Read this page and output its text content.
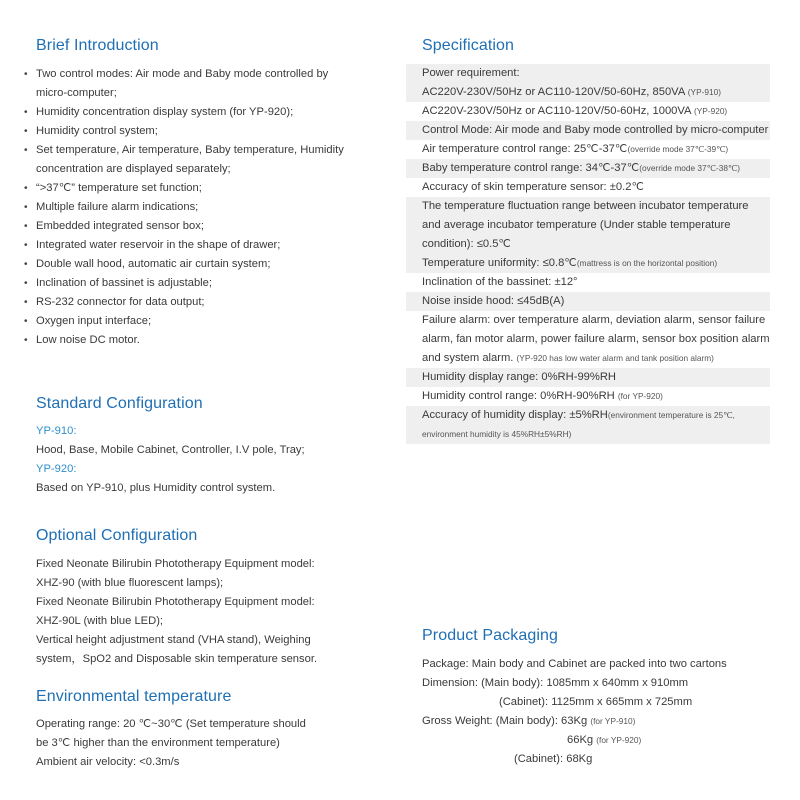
Brief Introduction
• Two control modes: Air mode and Baby mode controlled by micro-computer;
• Humidity concentration display system (for YP-920);
• Humidity control system;
• Set temperature, Air temperature, Baby temperature, Humidity concentration are displayed separately;
• “>37℃” temperature set function;
• Multiple failure alarm indications;
• Embedded integrated sensor box;
• Integrated water reservoir in the shape of drawer;
• Double wall hood, automatic air curtain system;
• Inclination of bassinet is adjustable;
• RS-232 connector for data output;
• Oxygen input interface;
• Low noise DC motor.
Standard Configuration
YP-910:
Hood, Base, Mobile Cabinet, Controller, I.V pole, Tray;
YP-920:
Based on YP-910, plus Humidity control system.
Optional Configuration
Fixed Neonate Bilirubin Phototherapy Equipment model:
XHZ-90 (with blue fluorescent lamps);
Fixed Neonate Bilirubin Phototherapy Equipment model:
XHZ-90L (with blue LED);
Vertical height adjustment stand (VHA stand), Weighing
system，SpO2 and Disposable skin temperature sensor.
Environmental temperature
Operating range: 20 ℃~30℃ (Set temperature should
be 3℃ higher than the environment temperature)
Ambient air velocity: <0.3m/s
Specification
Power requirement:
AC220V-230V/50Hz or AC110-120V/50-60Hz, 850VA (YP-910)
AC220V-230V/50Hz or AC110-120V/50-60Hz, 1000VA (YP-920)
Control Mode: Air mode and Baby mode controlled by micro-computer
Air temperature control range: 25℃-37℃(override mode 37℃-39℃)
Baby temperature control range: 34℃-37℃(override mode 37℃-38℃)
Accuracy of skin temperature sensor: ±0.2℃
The temperature fluctuation range between incubator temperature and average incubator temperature (Under stable temperature condition): ≤0.5℃
Temperature uniformity: ≤0.8℃(mattress is on the horizontal position)
Inclination of the bassinet: ±12°
Noise inside hood: ≤45dB(A)
Failure alarm: over temperature alarm, deviation alarm, sensor failure alarm, fan motor alarm, power failure alarm, sensor box position alarm and system alarm. (YP-920 has low water alarm and tank position alarm)
Humidity display range: 0%RH-99%RH
Humidity control range: 0%RH-90%RH (for YP-920)
Accuracy of humidity display: ±5%RH(environment temperature is 25℃, environment humidity is 45%RH±5%RH)
Product Packaging
Package: Main body and Cabinet are packed into two cartons
Dimension: (Main body): 1085mm x 640mm x 910mm
(Cabinet): 1125mm x 665mm x 725mm
Gross Weight: (Main body): 63Kg (for YP-910)
66Kg (for YP-920)
(Cabinet): 68Kg
